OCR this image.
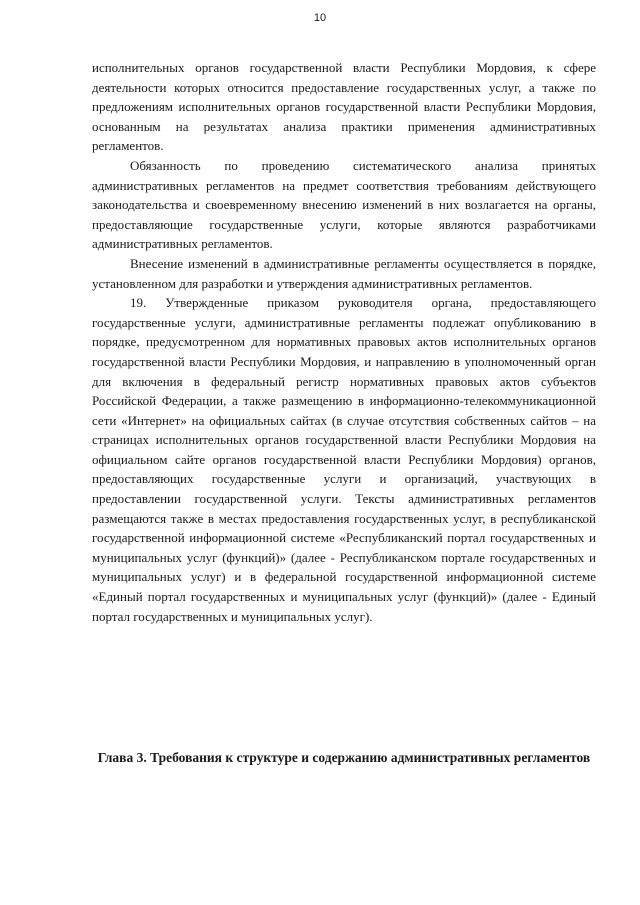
10

исполнительных органов государственной власти Республики Мордовия, к сфере деятельности которых относится предоставление государственных услуг, а также по предложениям исполнительных органов государственной власти Республики Мордовия, основанным на результатах анализа практики применения административных регламентов.

Обязанность по проведению систематического анализа принятых административных регламентов на предмет соответствия требованиям действующего законодательства и своевременному внесению изменений в них возлагается на органы, предоставляющие государственные услуги, которые являются разработчиками административных регламентов.

Внесение изменений в административные регламенты осуществляется в порядке, установленном для разработки и утверждения административных регламентов.

19. Утвержденные приказом руководителя органа, предоставляющего государственные услуги, административные регламенты подлежат опубликованию в порядке, предусмотренном для нормативных правовых актов исполнительных органов государственной власти Республики Мордовия, и направлению в уполномоченный орган для включения в федеральный регистр нормативных правовых актов субъектов Российской Федерации, а также размещению в информационно-телекоммуникационной сети «Интернет» на официальных сайтах (в случае отсутствия собственных сайтов – на страницах исполнительных органов государственной власти Республики Мордовия на официальном сайте органов государственной власти Республики Мордовия) органов, предоставляющих государственные услуги и организаций, участвующих в предоставлении государственной услуги. Тексты административных регламентов размещаются также в местах предоставления государственных услуг, в республиканской государственной информационной системе «Республиканский портал государственных и муниципальных услуг (функций)» (далее - Республиканском портале государственных и муниципальных услуг) и в федеральной государственной информационной системе «Единый портал государственных и муниципальных услуг (функций)» (далее - Единый портал государственных и муниципальных услуг).

Глава 3. Требования к структуре и содержанию административных регламентов
